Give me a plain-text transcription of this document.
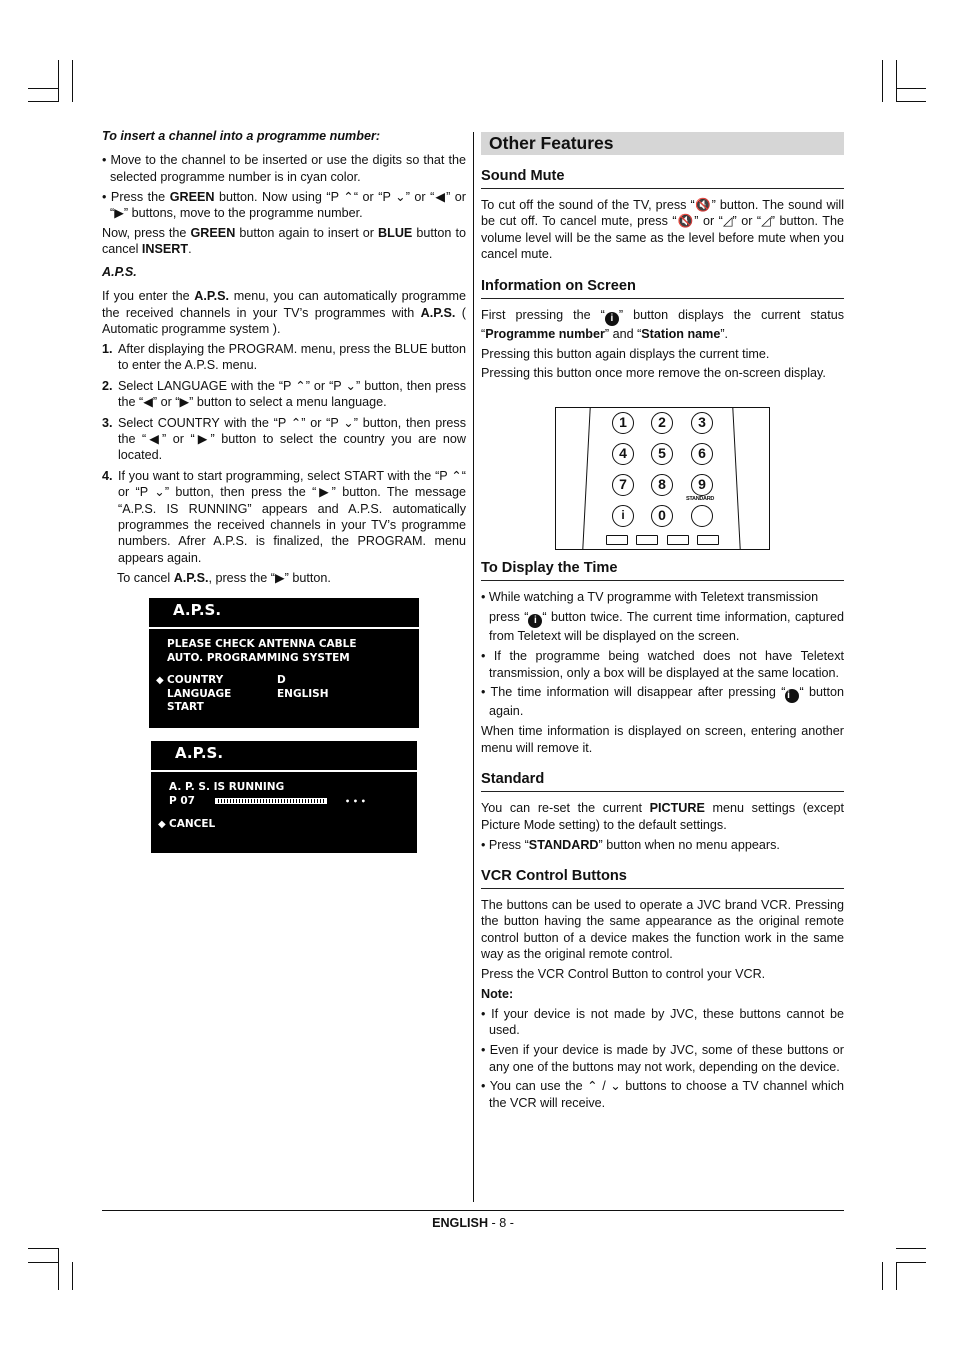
To insert a channel into a programme number:

• Move to the channel to be inserted or use the digits so that the selected programme number is in cyan color.

• Press the GREEN button. Now using “P ⌃“ or “P ⌄” or “◀” or “▶” buttons, move to the programme number.

Now, press the GREEN button again to insert or BLUE button to cancel INSERT.

A.P.S.

If you enter the A.P.S. menu, you can automatically programme the received channels in your TV’s programmes with A.P.S. ( Automatic programme system ).

1. After displaying the PROGRAM. menu, press the BLUE button to enter the A.P.S. menu.
2. Select LANGUAGE with the “P ⌃” or “P ⌄” button, then press the “◀” or “▶” button to select a menu language.
3. Select COUNTRY with the “P ⌃” or “P ⌄” button, then press the “◀” or “▶” button to select the country you are now located.
4. If you want to start programming, select START with the “P ⌃“ or “P ⌄” button, then press the “▶” button. The message “A.P.S. IS RUNNING” appears and A.P.S. automatically programmes the received channels in your TV’s programme numbers. Afrer A.P.S. is finalized, the PROGRAM. menu appears again.

To cancel A.P.S., press the “▶” button.

A.P.S.
PLEASE CHECK ANTENNA CABLE
AUTO. PROGRAMMING SYSTEM
COUNTRY	D
◆
LANGUAGE	ENGLISH
START
A.P.S.
A. P. S. IS RUNNING
P 07	• • •
◆ CANCEL
Other Features
Sound Mute

To cut off the sound of the TV, press “🔇” button. The sound will be cut off. To cancel mute, press “🔇” or “◿” or “◿” button. The volume level will be the same as the level before mute when you cancel mute.

Information on Screen

First pressing the “ i ” button displays the current status “Programme number” and “Station name”.

Pressing this button again displays the current time.

Pressing this button once more remove the on-screen display.

To Display the Time

• While watching a TV programme with Teletext transmission

press “ i “ button twice. The current time information, captured from Teletext will be displayed on the screen.

• If the programme being watched does not have Teletext transmission, only a box will be displayed at the same location.

• The time information will disappear after pressing “ i “ button again.

When time information is displayed on screen, entering another menu will remove it.

Standard

You can re-set the current PICTURE menu settings (except Picture Mode setting) to the default settings.

• Press “STANDARD” button when no menu appears.

VCR Control Buttons

The buttons can be used to operate a JVC brand VCR. Pressing the button having the same appearance as the original remote control button of a device makes the function work in the same way as the original remote control.

Press the VCR Control Button to control your VCR.

Note:

• If your device is not made by JVC, these buttons cannot be used.

• Even if your device is made by JVC, some of these buttons or any one of the buttons may not work, depending on the device.

• You can use the ⌃ / ⌄ buttons to choose a TV channel which the VCR will receive.

1	2	3
4	5	6
7	8	9
i	0
STANDARD
ENGLISH - 8 -
